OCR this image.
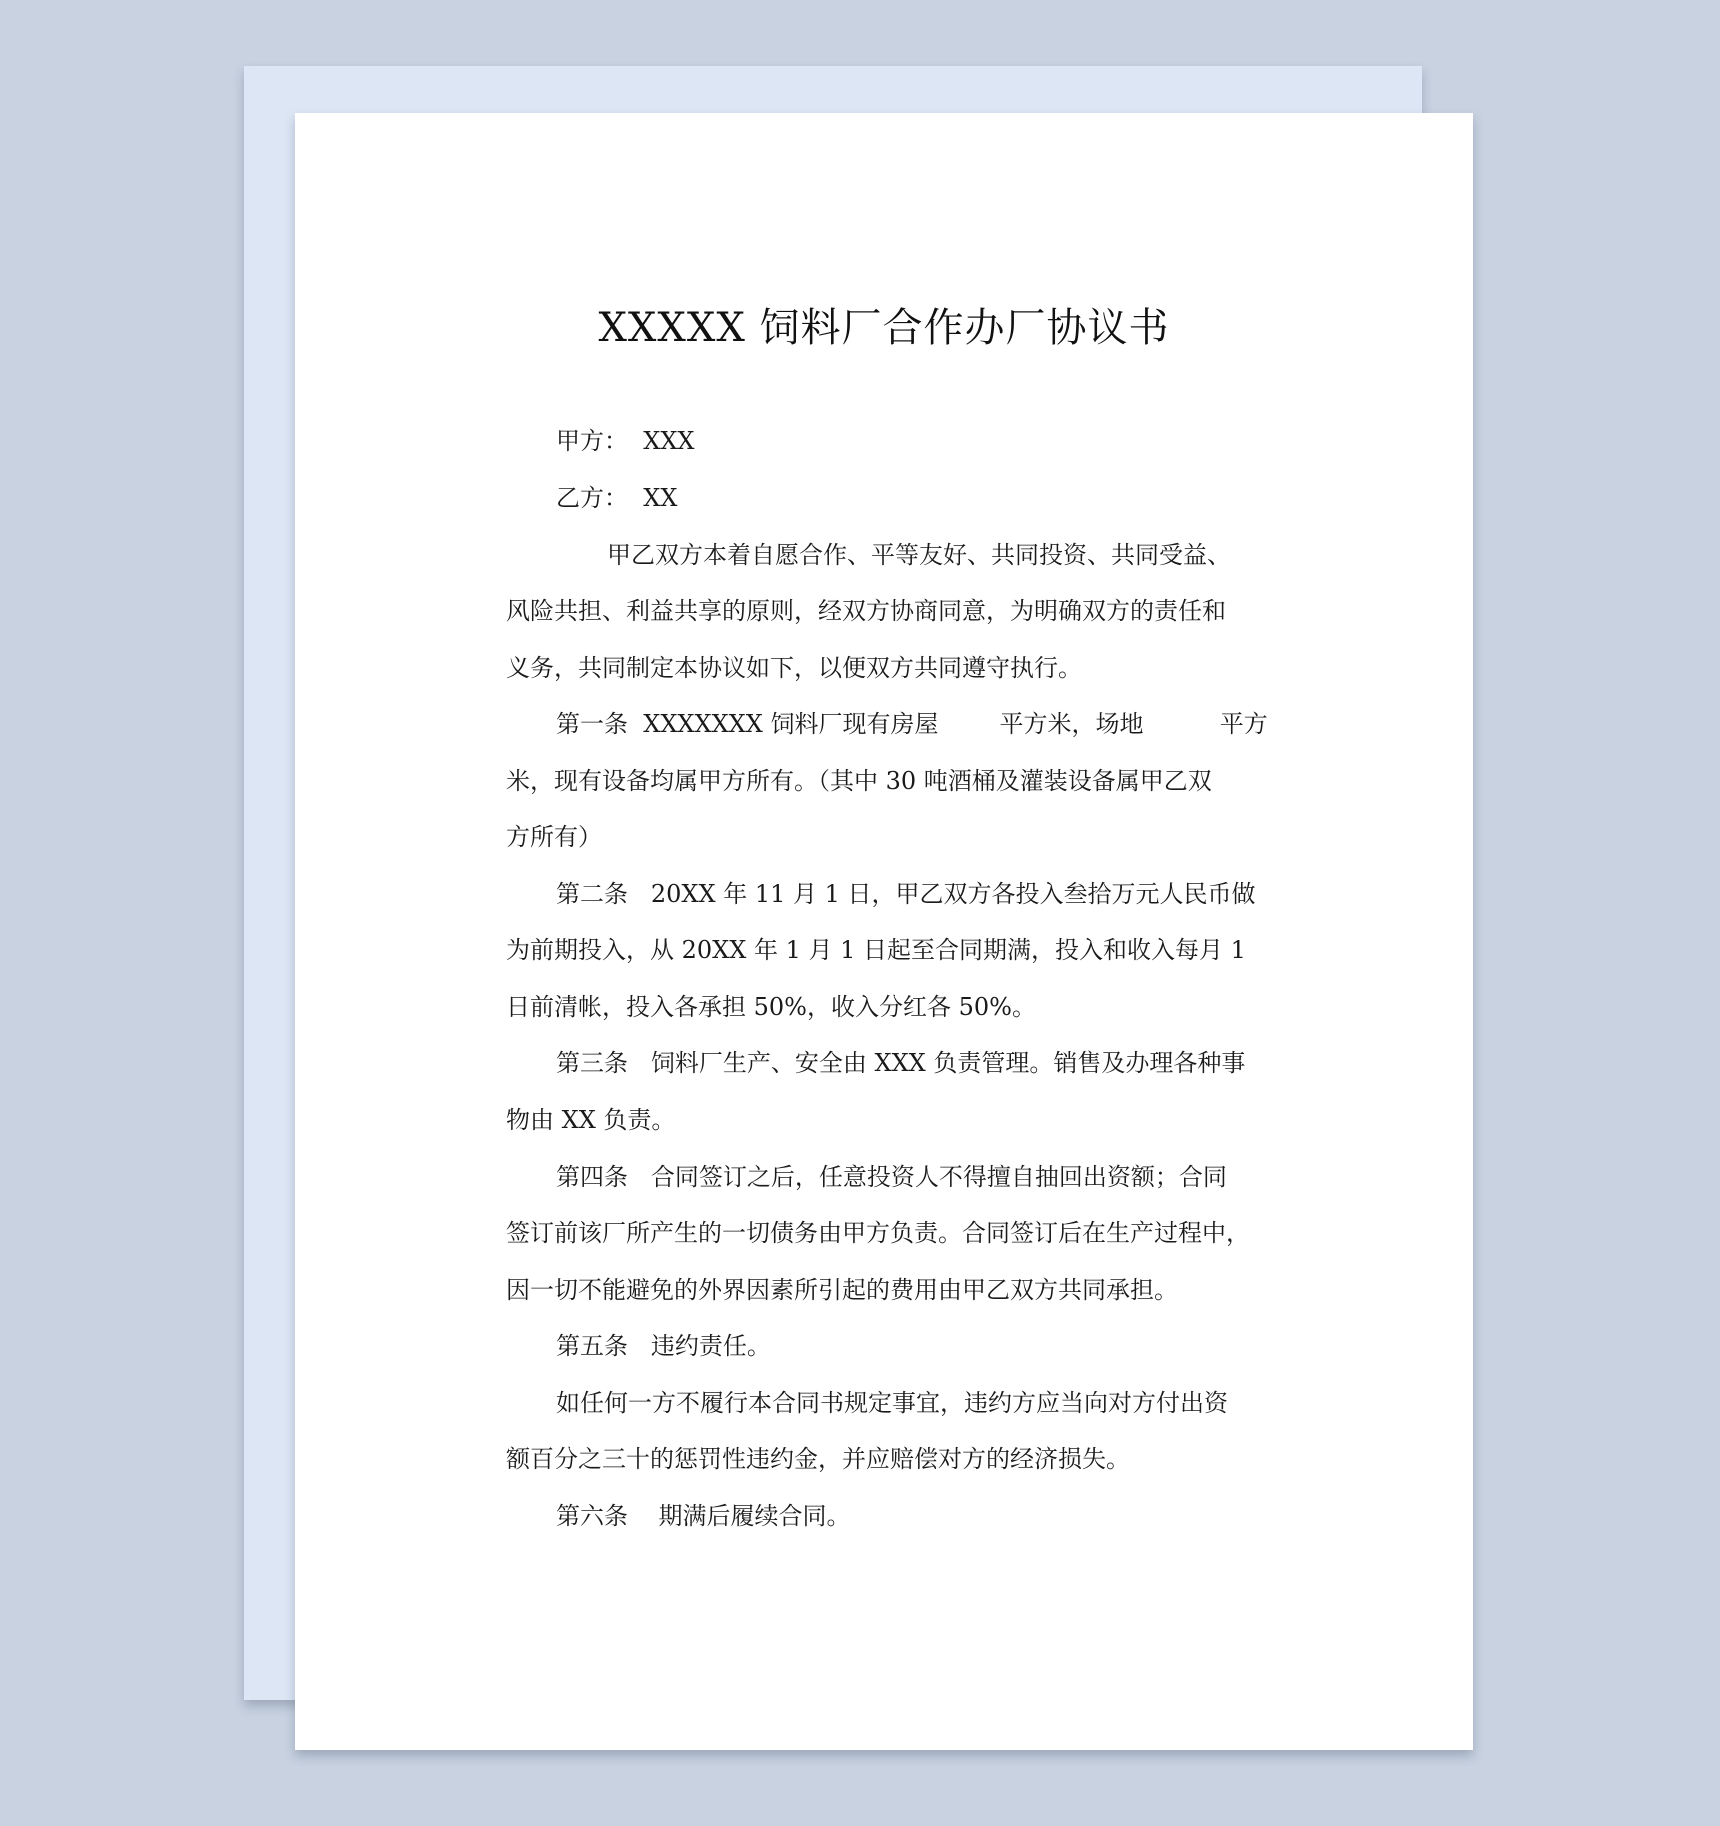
XXXXX 饲料厂合作办厂协议书
甲方：  XXX
乙方：  XX
甲乙双方本着自愿合作、平等友好、共同投资、共同受益、
风险共担、利益共享的原则，经双方协商同意，为明确双方的责任和
义务，共同制定本协议如下，以便双方共同遵守执行。
第一条  XXXXXXX 饲料厂现有房屋        平方米，场地          平方
米，现有设备均属甲方所有。（其中 30 吨酒桶及灌装设备属甲乙双
方所有）
第二条   20XX 年 11 月 1 日，甲乙双方各投入叁拾万元人民币做
为前期投入，从 20XX 年 1 月 1 日起至合同期满，投入和收入每月 1
日前清帐，投入各承担 50%，收入分红各 50%。
第三条   饲料厂生产、安全由 XXX 负责管理。销售及办理各种事
物由 XX 负责。
第四条   合同签订之后，任意投资人不得擅自抽回出资额；合同
签订前该厂所产生的一切债务由甲方负责。合同签订后在生产过程中，
因一切不能避免的外界因素所引起的费用由甲乙双方共同承担。
第五条   违约责任。
如任何一方不履行本合同书规定事宜，违约方应当向对方付出资
额百分之三十的惩罚性违约金，并应赔偿对方的经济损失。
第六条    期满后履续合同。
